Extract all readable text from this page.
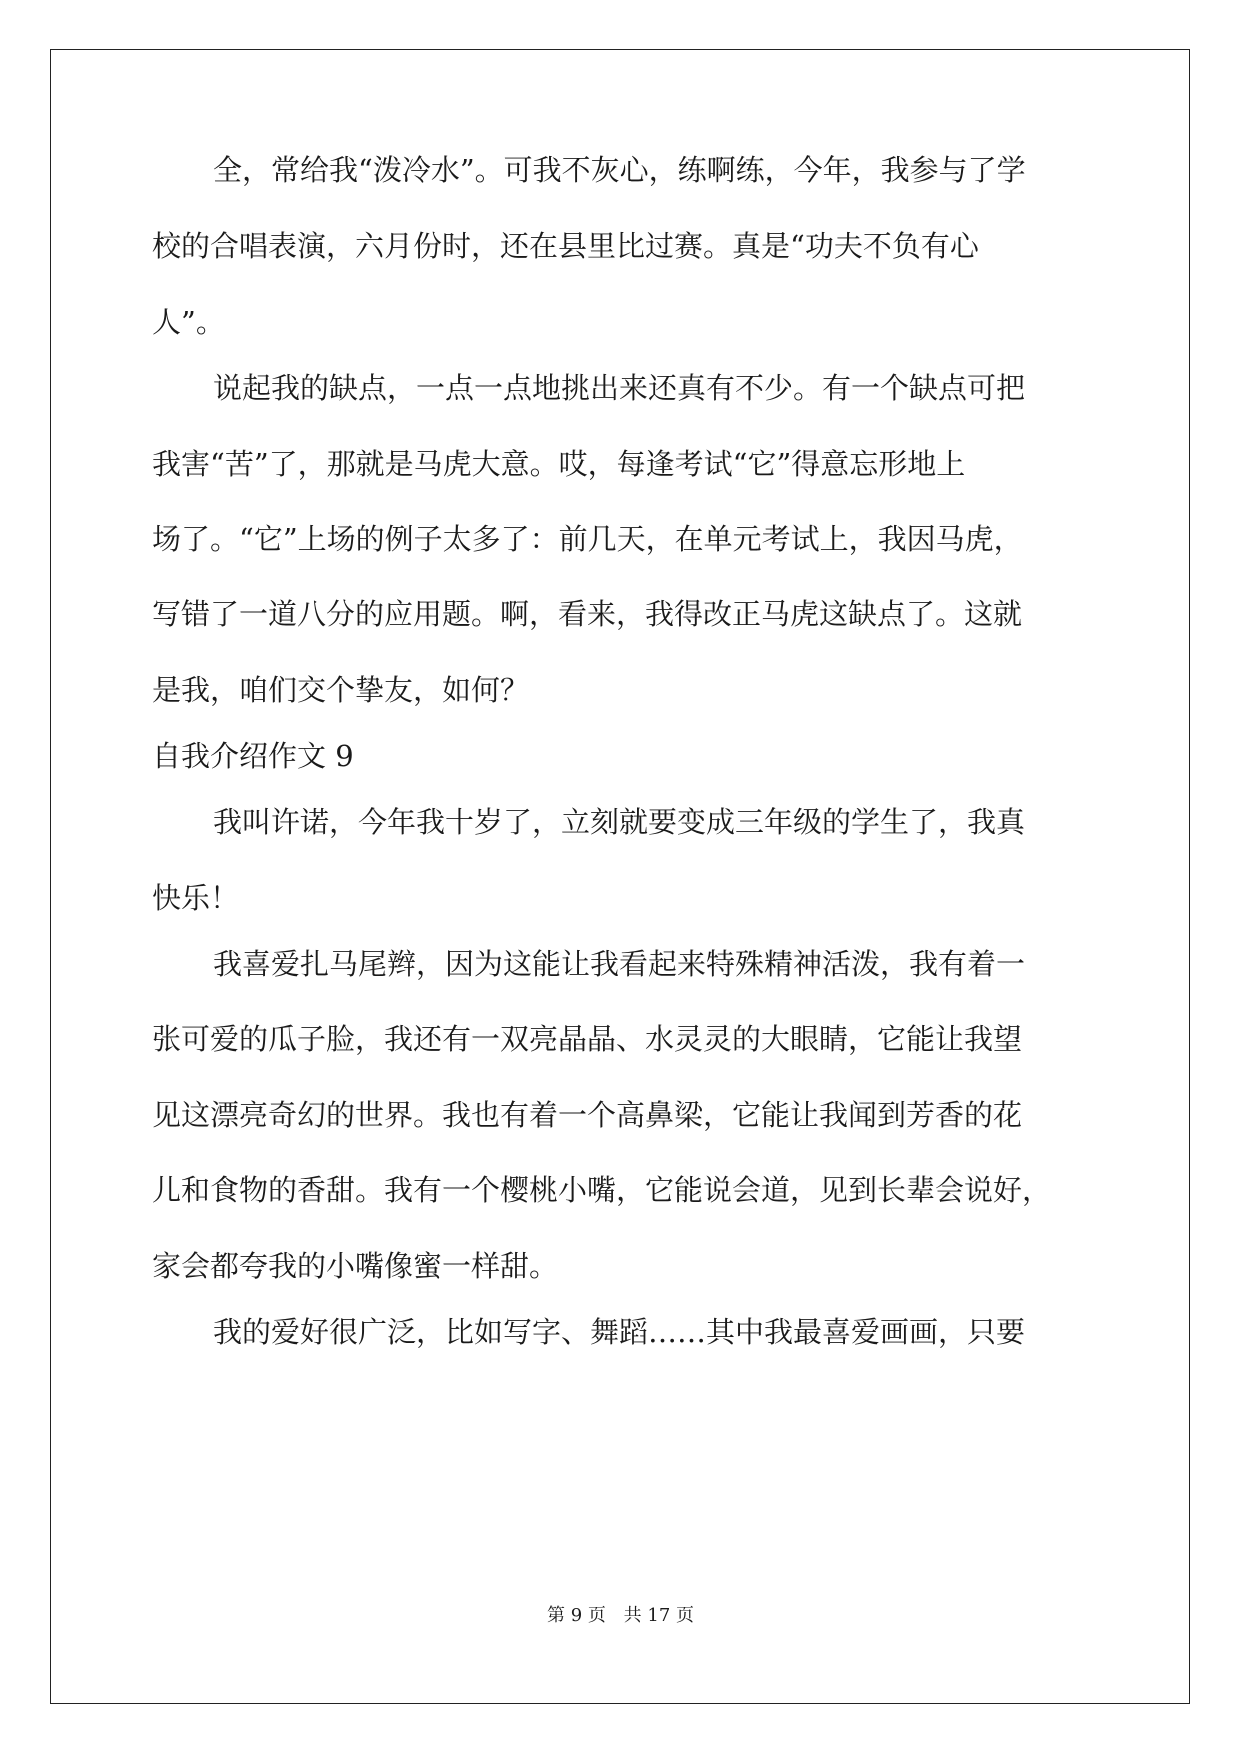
全，常给我“泼冷水”。可我不灰心，练啊练，今年，我参与了学
校的合唱表演，六月份时，还在县里比过赛。真是“功夫不负有心
人”。
说起我的缺点，一点一点地挑出来还真有不少。有一个缺点可把
我害“苦”了，那就是马虎大意。哎，每逢考试“它”得意忘形地上
场了。“它”上场的例子太多了：前几天，在单元考试上，我因马虎，
写错了一道八分的应用题。啊，看来，我得改正马虎这缺点了。这就
是我，咱们交个挚友，如何？
自我介绍作文 9
我叫许诺，今年我十岁了，立刻就要变成三年级的学生了，我真
快乐！
我喜爱扎马尾辫，因为这能让我看起来特殊精神活泼，我有着一
张可爱的瓜子脸，我还有一双亮晶晶、水灵灵的大眼睛，它能让我望
见这漂亮奇幻的世界。我也有着一个高鼻梁，它能让我闻到芳香的花
儿和食物的香甜。我有一个樱桃小嘴，它能说会道，见到长辈会说好，
家会都夸我的小嘴像蜜一样甜。
我的爱好很广泛，比如写字、舞蹈……其中我最喜爱画画，只要
第 9 页 共 17 页
